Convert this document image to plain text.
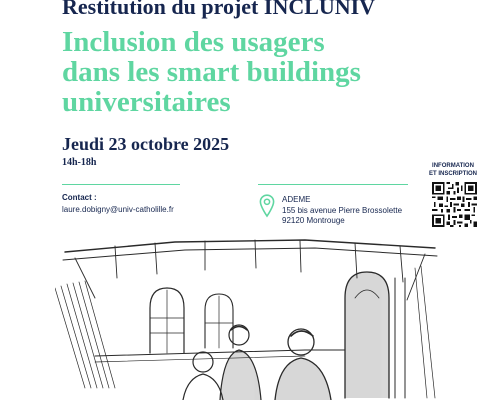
Restitution du projet INCLUNIV
Inclusion des usagers
dans les smart buildings
universitaires
Jeudi 23 octobre 2025
14h-18h	INFORMATION
ET INSCRIPTION
Contact :
laure.dobigny@univ-catholille.fr
ADEME
155 bis avenue Pierre Brossolette
92120 Montrouge
